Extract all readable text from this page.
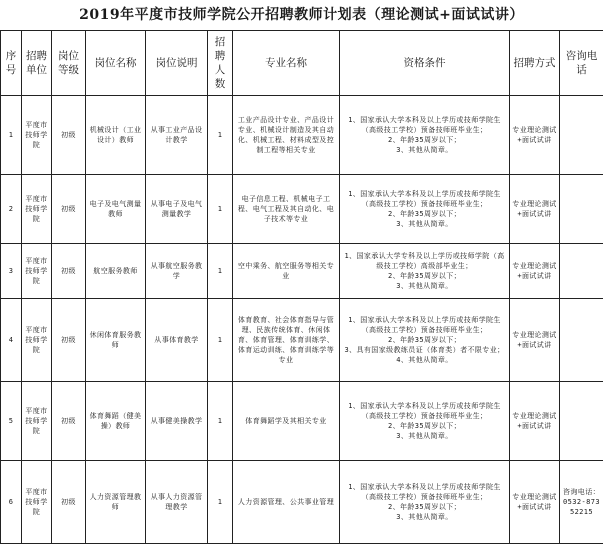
2019年平度市技师学院公开招聘教师计划表（理论测试+面试试讲）
序号	招聘单位	岗位等级	岗位名称	岗位说明	招聘人数	专业名称	资格条件	招聘方式	咨询电话
1	平度市技师学院	初级	机械设计（工业设计）教师	从事工业产品设计教学	1	工业产品设计专业、产品设计专业、机械设计制造及其自动化、机械工程、材料成型及控制工程等相关专业	1、国家承认大学本科及以上学历或技师学院生（高级技工学校）预备技师班毕业生；
2、年龄35周岁以下；
3、其他从简章。	专业理论测试+面试试讲	
2	平度市技师学院	初级	电子及电气测量教师	从事电子及电气测量教学	1	电子信息工程、机械电子工程、电气工程及其自动化、电子技术等专业	1、国家承认大学本科及以上学历或技师学院生（高级技工学校）预备技师班毕业生；
2、年龄35周岁以下；
3、其他从简章。	专业理论测试+面试试讲	
3	平度市技师学院	初级	航空服务教师	从事航空服务教学	1	空中乘务、航空服务等相关专业	1、国家承认大学专科及以上学历或技师学院（高级技工学校）高级部毕业生；
2、年龄35周岁以下；
3、其他从简章。	专业理论测试+面试试讲	
4	平度市技师学院	初级	休闲体育服务教师	从事体育教学	1	体育教育、社会体育指导与管理、民族传统体育、休闲体育、体育管理、体育训练学、体育运动训练、体育训练学等专业	1、国家承认大学本科及以上学历或技师学院生（高级技工学校）预备技师班毕业生；
2、年龄35周岁以下；
3、具有国家级教练员证（体育类）者不限专业；
4、其他从简章。	专业理论测试+面试试讲	
5	平度市技师学院	初级	体育舞蹈（健美操）教师	从事健美操教学	1	体育舞蹈学及其相关专业	1、国家承认大学本科及以上学历或技师学院生（高级技工学校）预备技师班毕业生；
2、年龄35周岁以下；
3、其他从简章。	专业理论测试+面试试讲	
6	平度市技师学院	初级	人力资源管理教师	从事人力资源管理教学	1	人力资源管理、公共事业管理	1、国家承认大学本科及以上学历或技师学院生（高级技工学校）预备技师班毕业生；
2、年龄35周岁以下；
3、其他从简章。	专业理论测试+面试试讲	咨询电话：0532-87352215
